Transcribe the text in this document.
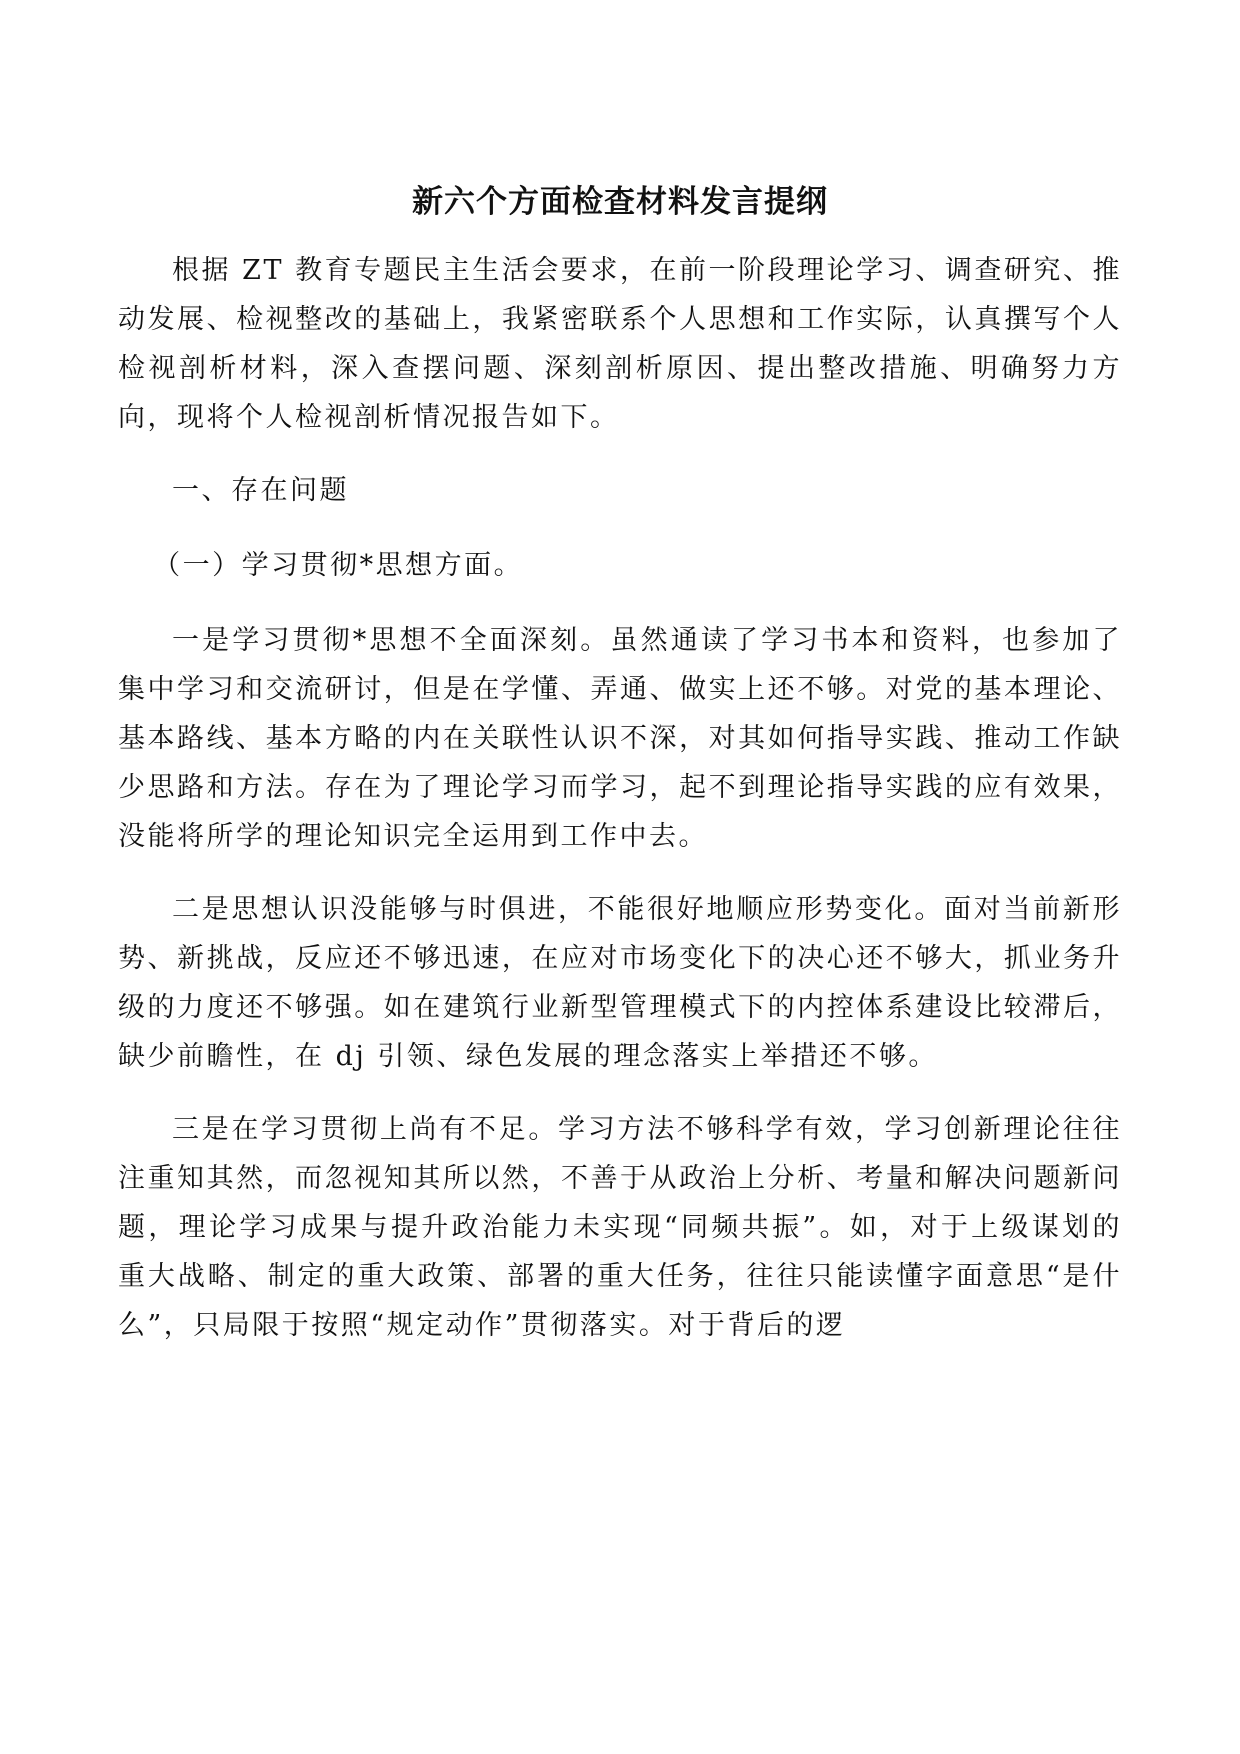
新六个方面检查材料发言提纲

根据 ZT 教育专题民主生活会要求，在前一阶段理论学习、调查研究、推动发展、检视整改的基础上，我紧密联系个人思想和工作实际，认真撰写个人检视剖析材料，深入查摆问题、深刻剖析原因、提出整改措施、明确努力方向，现将个人检视剖析情况报告如下。

一、存在问题

（一）学习贯彻*思想方面。

一是学习贯彻*思想不全面深刻。虽然通读了学习书本和资料，也参加了集中学习和交流研讨，但是在学懂、弄通、做实上还不够。对党的基本理论、基本路线、基本方略的内在关联性认识不深，对其如何指导实践、推动工作缺少思路和方法。存在为了理论学习而学习，起不到理论指导实践的应有效果，没能将所学的理论知识完全运用到工作中去。

二是思想认识没能够与时俱进，不能很好地顺应形势变化。面对当前新形势、新挑战，反应还不够迅速，在应对市场变化下的决心还不够大，抓业务升级的力度还不够强。如在建筑行业新型管理模式下的内控体系建设比较滞后，缺少前瞻性，在 dj 引领、绿色发展的理念落实上举措还不够。

三是在学习贯彻上尚有不足。学习方法不够科学有效，学习创新理论往往注重知其然，而忽视知其所以然，不善于从政治上分析、考量和解决问题新问题，理论学习成果与提升政治能力未实现“同频共振”。如，对于上级谋划的重大战略、制定的重大政策、部署的重大任务，往往只能读懂字面意思“是什么”，只局限于按照“规定动作”贯彻落实。对于背后的逻
